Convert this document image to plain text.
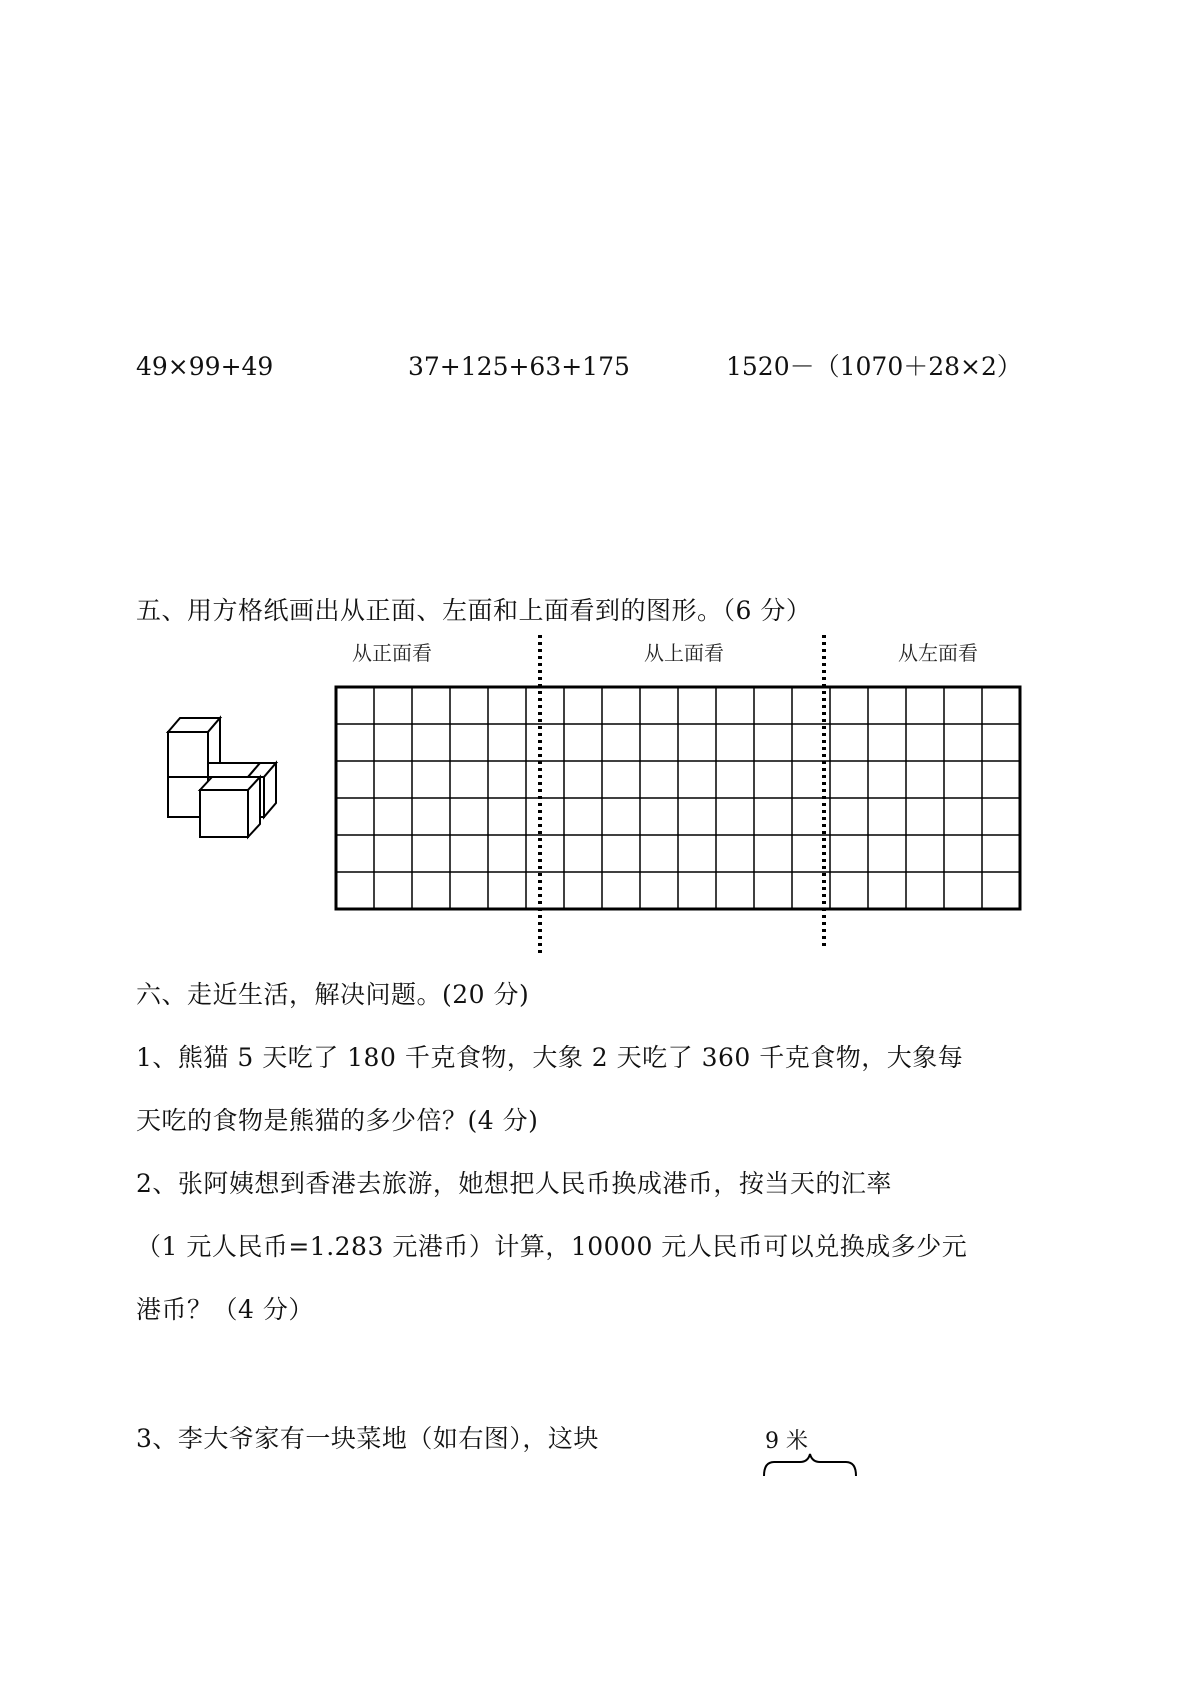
49×99+49	37+125+63+175	1520－（1070＋28×2）
五、用方格纸画出从正面、左面和上面看到的图形。（6 分）
从正面看	从上面看	从左面看
六、走近生活，解决问题。(20 分)
1、熊猫 5 天吃了 180 千克食物，大象 2 天吃了 360 千克食物，大象每
天吃的食物是熊猫的多少倍？(4 分)
2、张阿姨想到香港去旅游，她想把人民币换成港币，按当天的汇率
（1 元人民币=1.283 元港币）计算，10000 元人民币可以兑换成多少元
港币？（4 分）
3、李大爷家有一块菜地（如右图），这块	9 米
